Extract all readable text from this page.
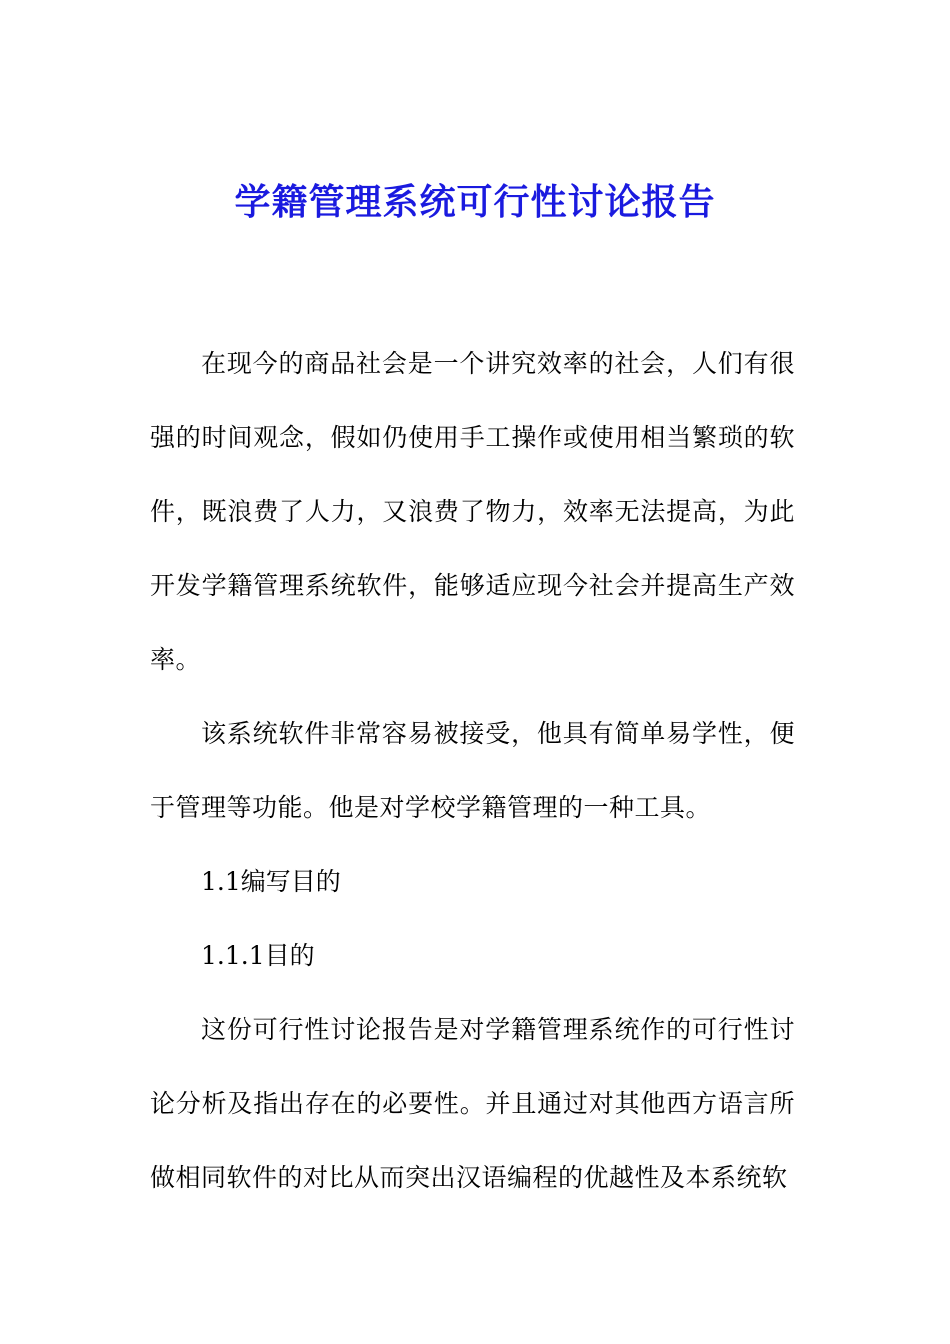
学籍管理系统可行性讨论报告

在现今的商品社会是一个讲究效率的社会，人们有很强的时间观念，假如仍使用手工操作或使用相当繁琐的软件，既浪费了人力，又浪费了物力，效率无法提高，为此开发学籍管理系统软件，能够适应现今社会并提高生产效率。

该系统软件非常容易被接受，他具有简单易学性，便于管理等功能。他是对学校学籍管理的一种工具。

1.1编写目的

1.1.1目的

这份可行性讨论报告是对学籍管理系统作的可行性讨论分析及指出存在的必要性。并且通过对其他西方语言所做相同软件的对比从而突出汉语编程的优越性及本系统软
